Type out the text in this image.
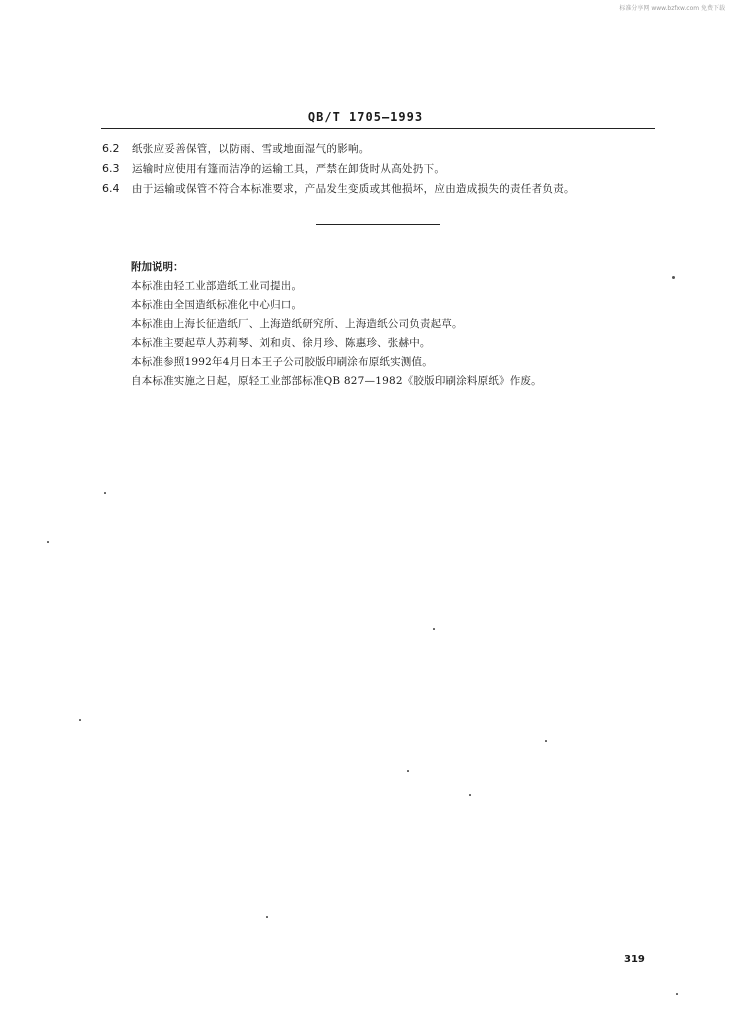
标准分享网 www.bzfxw.com 免费下载
QB/T 1705—1993
6.2	纸张应妥善保管，以防雨、雪或地面湿气的影响。
6.3	运输时应使用有篷而洁净的运输工具，严禁在卸货时从高处扔下。
6.4	由于运输或保管不符合本标准要求，产品发生变质或其他损坏，应由造成损失的责任者负责。
附加说明：
本标准由轻工业部造纸工业司提出。
本标准由全国造纸标准化中心归口。
本标准由上海长征造纸厂、上海造纸研究所、上海造纸公司负责起草。
本标准主要起草人苏莉琴、刘和贞、徐月珍、陈惠珍、张赫中。
本标准参照1992年4月日本王子公司胶版印刷涂布原纸实测值。
自本标准实施之日起，原轻工业部部标准QB 827—1982《胶版印刷涂料原纸》作废。
319
